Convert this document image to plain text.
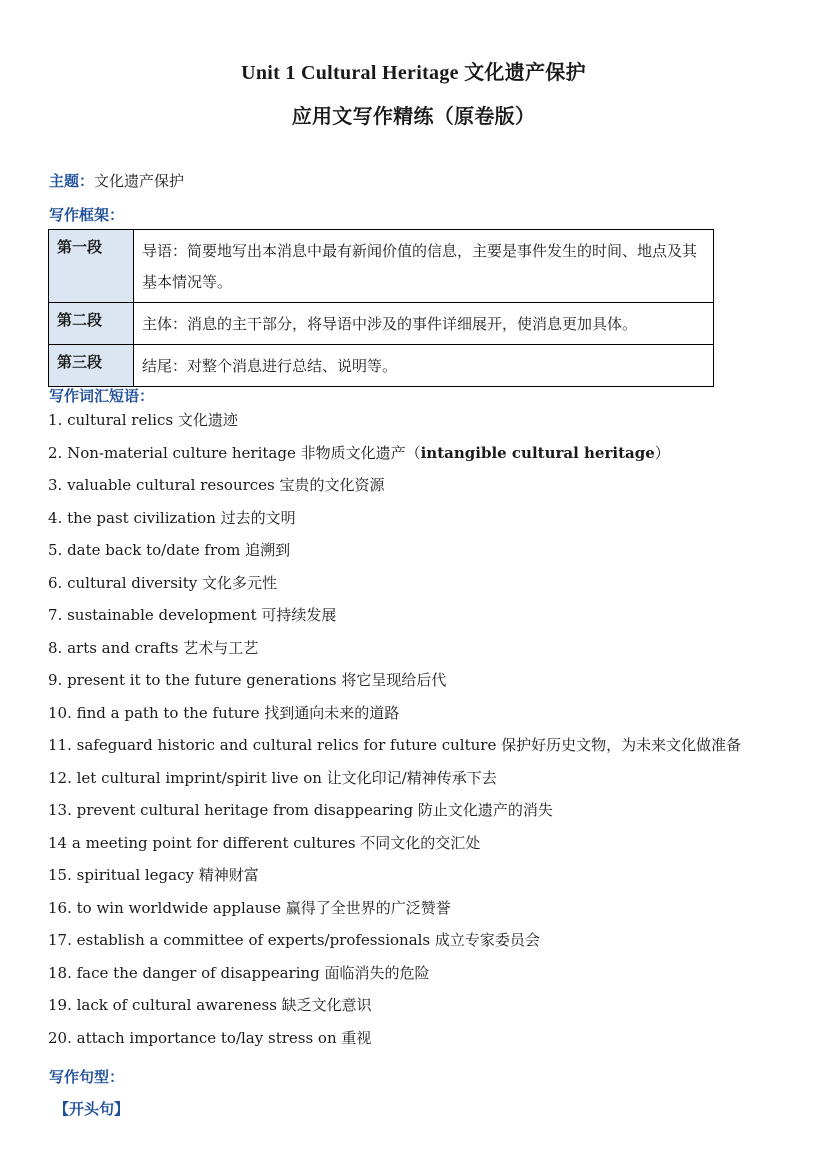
Unit 1 Cultural Heritage 文化遗产保护
应用文写作精练（原卷版）
主题：文化遗产保护
写作框架：
第一段	导语：简要地写出本消息中最有新闻价值的信息，主要是事件发生的时间、地点及其基本情况等。
第二段	主体：消息的主干部分，将导语中涉及的事件详细展开，使消息更加具体。
第三段	结尾：对整个消息进行总结、说明等。
写作词汇短语：
1. cultural relics 文化遗迹
2. Non-material culture heritage 非物质文化遗产（intangible cultural heritage）
3. valuable cultural resources 宝贵的文化资源
4. the past civilization 过去的文明
5. date back to/date from 追溯到
6. cultural diversity 文化多元性
7. sustainable development 可持续发展
8. arts and crafts 艺术与工艺
9. present it to the future generations 将它呈现给后代
10. find a path to the future 找到通向未来的道路
11. safeguard historic and cultural relics for future culture 保护好历史文物，为未来文化做准备
12. let cultural imprint/spirit live on 让文化印记/精神传承下去
13. prevent cultural heritage from disappearing 防止文化遗产的消失
14 a meeting point for different cultures 不同文化的交汇处
15. spiritual legacy 精神财富
16. to win worldwide applause 赢得了全世界的广泛赞誉
17. establish a committee of experts/professionals 成立专家委员会
18. face the danger of disappearing 面临消失的危险
19. lack of cultural awareness 缺乏文化意识
20. attach importance to/lay stress on 重视
写作句型：
【开头句】
